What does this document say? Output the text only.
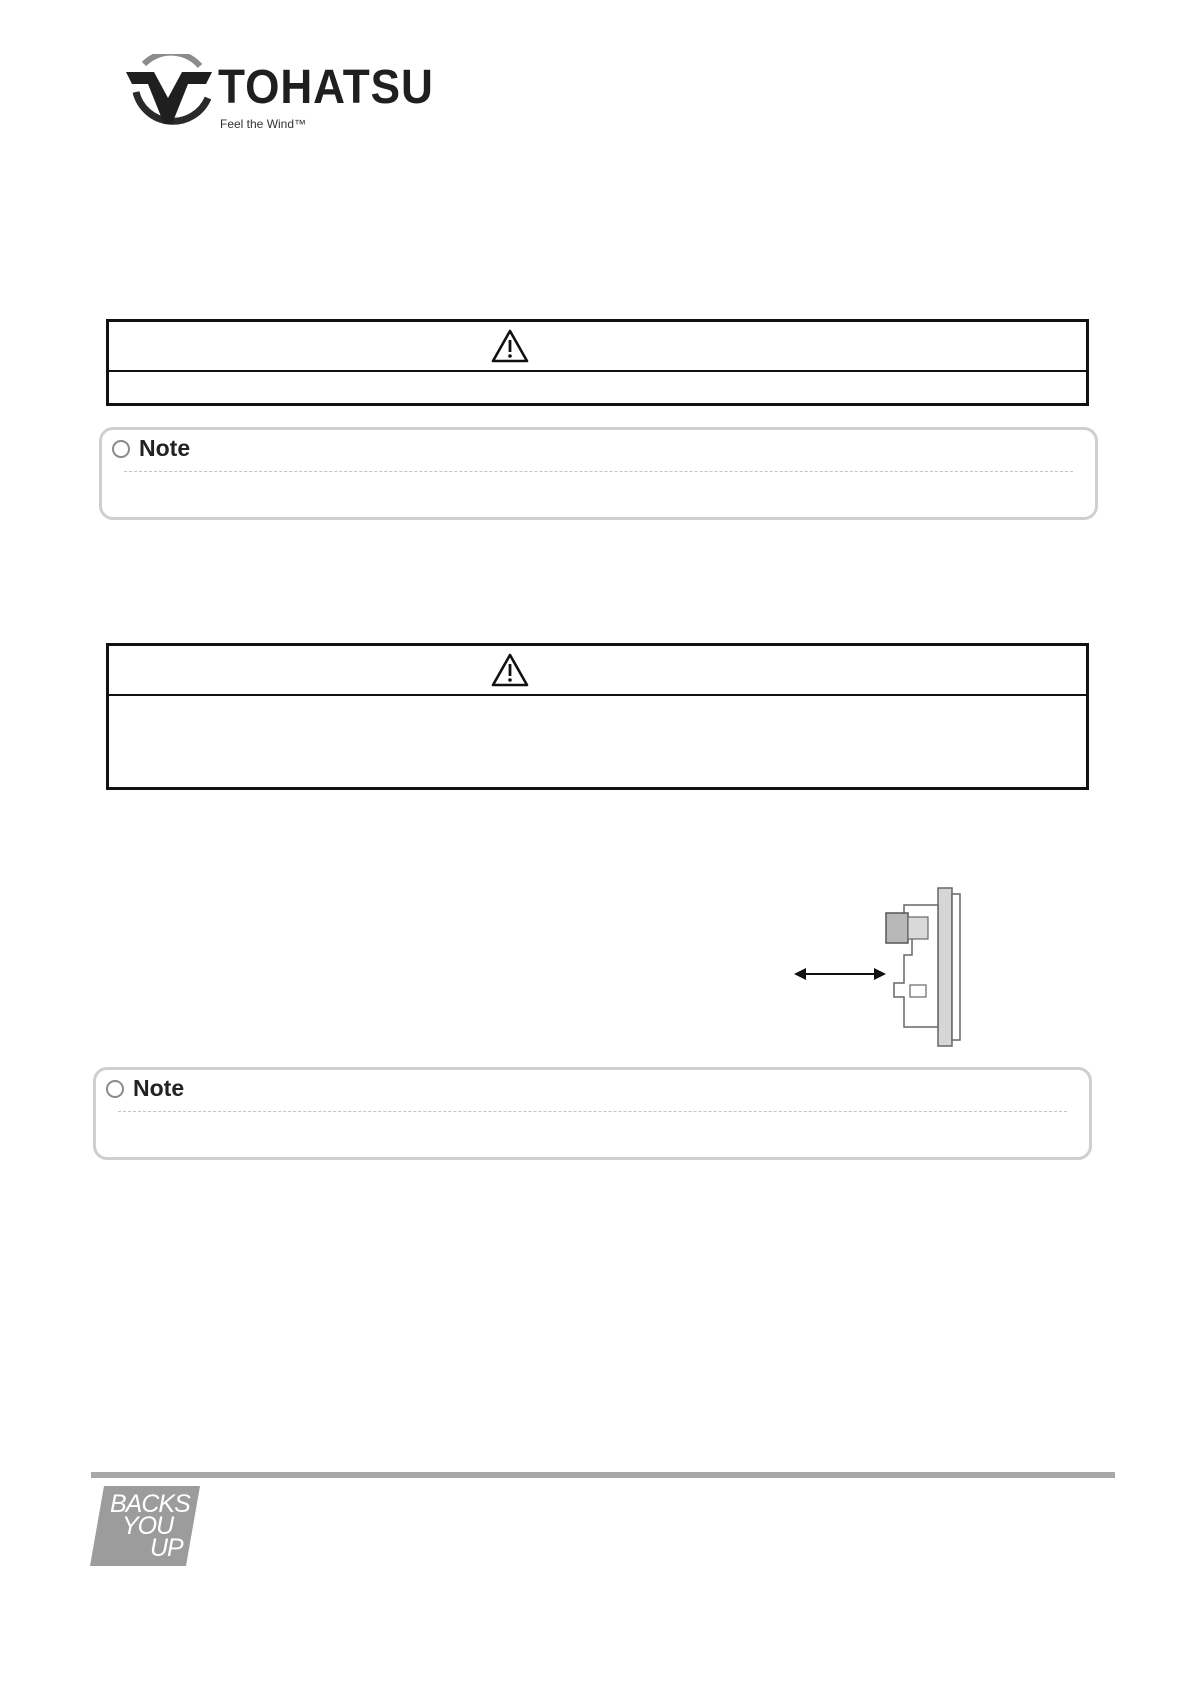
TOHATSU
Feel the Wind™
Note
Note
BACKS
YOU
UP
